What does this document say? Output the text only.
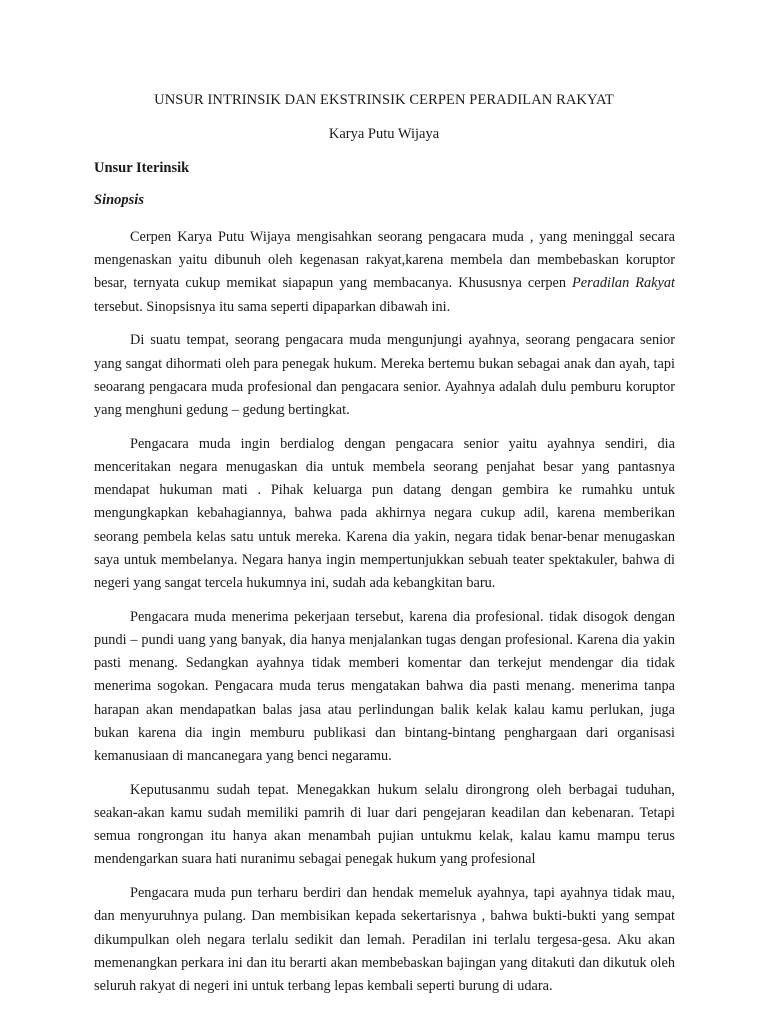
UNSUR INTRINSIK DAN EKSTRINSIK CERPEN PERADILAN RAKYAT
Karya Putu Wijaya
Unsur Iterinsik
Sinopsis

Cerpen Karya Putu Wijaya mengisahkan seorang pengacara muda , yang meninggal secara mengenaskan yaitu dibunuh oleh kegenasan rakyat,karena membela dan membebaskan koruptor besar, ternyata cukup memikat siapapun yang membacanya. Khususnya cerpen Peradilan Rakyat tersebut. Sinopsisnya itu sama seperti dipaparkan dibawah ini.

Di suatu tempat, seorang pengacara muda mengunjungi ayahnya, seorang pengacara senior yang sangat dihormati oleh para penegak hukum. Mereka bertemu bukan sebagai anak dan ayah, tapi seoarang pengacara muda profesional dan pengacara senior. Ayahnya adalah dulu pemburu koruptor yang menghuni gedung – gedung bertingkat.

Pengacara muda ingin berdialog dengan pengacara senior yaitu ayahnya sendiri, dia menceritakan negara menugaskan dia untuk membela seorang penjahat besar yang pantasnya mendapat hukuman mati . Pihak keluarga pun datang dengan gembira ke rumahku untuk mengungkapkan kebahagiannya, bahwa pada akhirnya negara cukup adil, karena memberikan seorang pembela kelas satu untuk mereka. Karena dia yakin, negara tidak benar-benar menugaskan saya untuk membelanya. Negara hanya ingin mempertunjukkan sebuah teater spektakuler, bahwa di negeri yang sangat tercela hukumnya ini, sudah ada kebangkitan baru.

Pengacara muda menerima pekerjaan tersebut, karena dia profesional. tidak disogok dengan pundi – pundi uang yang banyak, dia hanya menjalankan tugas dengan profesional. Karena dia yakin pasti menang. Sedangkan ayahnya tidak memberi komentar dan terkejut mendengar dia tidak menerima sogokan. Pengacara muda terus mengatakan bahwa dia pasti menang. menerima tanpa harapan akan mendapatkan balas jasa atau perlindungan balik kelak kalau kamu perlukan, juga bukan karena dia ingin memburu publikasi dan bintang-bintang penghargaan dari organisasi kemanusiaan di mancanegara yang benci negaramu.

Keputusanmu sudah tepat. Menegakkan hukum selalu dirongrong oleh berbagai tuduhan, seakan-akan kamu sudah memiliki pamrih di luar dari pengejaran keadilan dan kebenaran. Tetapi semua rongrongan itu hanya akan menambah pujian untukmu kelak, kalau kamu mampu terus mendengarkan suara hati nuranimu sebagai penegak hukum yang profesional

Pengacara muda pun terharu berdiri dan hendak memeluk ayahnya, tapi ayahnya tidak mau, dan menyuruhnya pulang. Dan membisikan kepada sekertarisnya , bahwa bukti-bukti yang sempat dikumpulkan oleh negara terlalu sedikit dan lemah. Peradilan ini terlalu tergesa-gesa. Aku akan memenangkan perkara ini dan itu berarti akan membebaskan bajingan yang ditakuti dan dikutuk oleh seluruh rakyat di negeri ini untuk terbang lepas kembali seperti burung di udara.
